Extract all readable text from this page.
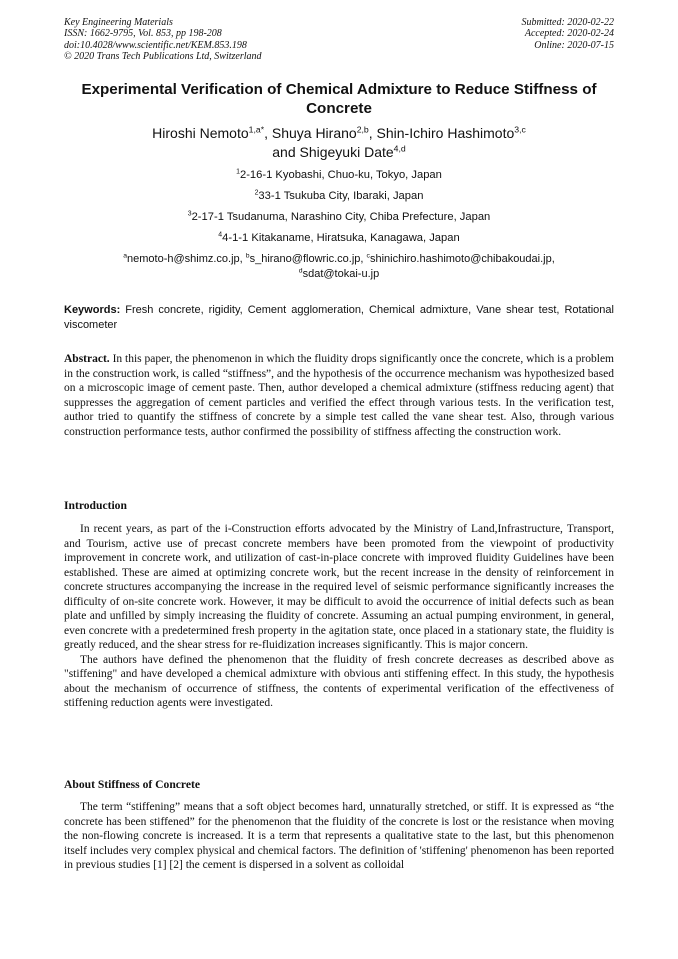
Key Engineering Materials
ISSN: 1662-9795, Vol. 853, pp 198-208
doi:10.4028/www.scientific.net/KEM.853.198
© 2020 Trans Tech Publications Ltd, Switzerland
Submitted: 2020-02-22
Accepted: 2020-02-24
Online: 2020-07-15
Experimental Verification of Chemical Admixture to Reduce Stiffness of Concrete
Hiroshi Nemoto$^{1,a*}$, Shuya Hirano$^{2,b}$, Shin-Ichiro Hashimoto$^{3,c}$
and Shigeyuki Date$^{4,d}$
$^1$2-16-1 Kyobashi, Chuo-ku, Tokyo, Japan
$^2$33-1 Tsukuba City, Ibaraki, Japan
$^3$2-17-1 Tsudanuma, Narashino City, Chiba Prefecture, Japan
$^4$4-1-1 Kitakaname, Hiratsuka, Kanagawa, Japan
$^a$nemoto-h@shimz.co.jp, $^b$s_hirano@flowric.co.jp, $^c$shinichiro.hashimoto@chibakoudai.jp,
$^d$sdat@tokai-u.jp
Keywords: Fresh concrete, rigidity, Cement agglomeration, Chemical admixture, Vane shear test, Rotational viscometer
Abstract. In this paper, the phenomenon in which the fluidity drops significantly once the concrete, which is a problem in the construction work, is called “stiffness”, and the hypothesis of the occurrence mechanism was hypothesized based on a microscopic image of cement paste. Then, author developed a chemical admixture (stiffness reducing agent) that suppresses the aggregation of cement particles and verified the effect through various tests. In the verification test, author tried to quantify the stiffness of concrete by a simple test called the vane shear test. Also, through various construction performance tests, author confirmed the possibility of stiffness affecting the construction work.
Introduction

In recent years, as part of the i-Construction efforts advocated by the Ministry of Land,Infrastructure, Transport, and Tourism, active use of precast concrete members have been promoted from the viewpoint of productivity improvement in concrete work, and utilization of cast-in-place concrete with improved fluidity Guidelines have been established. These are aimed at optimizing concrete work, but the recent increase in the density of reinforcement in concrete structures accompanying the increase in the required level of seismic performance significantly increases the difficulty of on-site concrete work. However, it may be difficult to avoid the occurrence of initial defects such as bean plate and unfilled by simply increasing the fluidity of concrete. Assuming an actual pumping environment, in general, even concrete with a predetermined fresh property in the agitation state, once placed in a stationary state, the fluidity is greatly reduced, and the shear stress for re-fluidization increases significantly. This is major concern.

The authors have defined the phenomenon that the fluidity of fresh concrete decreases as described above as "stiffening" and have developed a chemical admixture with obvious anti stiffening effect. In this study, the hypothesis about the mechanism of occurrence of stiffness, the contents of experimental verification of the effectiveness of stiffening reduction agents were investigated.

About Stiffness of Concrete

The term “stiffening” means that a soft object becomes hard, unnaturally stretched, or stiff. It is expressed as “the concrete has been stiffened” for the phenomenon that the fluidity of the concrete is lost or the resistance when moving the non-flowing concrete is increased. It is a term that represents a qualitative state to the last, but this phenomenon itself includes very complex physical and chemical factors. The definition of 'stiffening' phenomenon has been reported in previous studies [1] [2] the cement is dispersed in a solvent as colloidal
